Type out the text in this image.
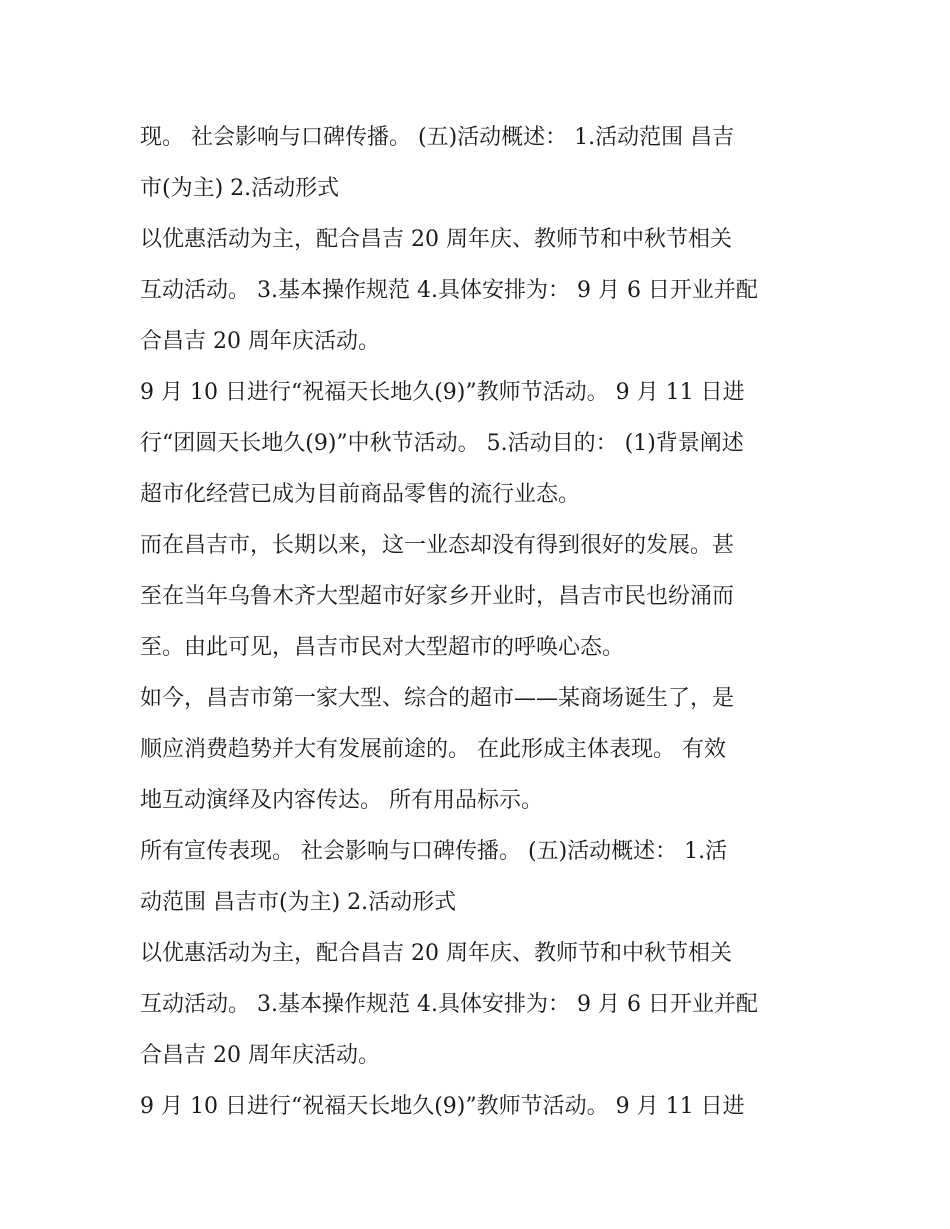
现。 社会影响与口碑传播。 (五)活动概述： 1.活动范围 昌吉
市(为主) 2.活动形式
以优惠活动为主，配合昌吉 20 周年庆、教师节和中秋节相关
互动活动。 3.基本操作规范 4.具体安排为： 9 月 6 日开业并配
合昌吉 20 周年庆活动。
9 月 10 日进行“祝福天长地久(9)”教师节活动。 9 月 11 日进
行“团圆天长地久(9)”中秋节活动。 5.活动目的： (1)背景阐述
超市化经营已成为目前商品零售的流行业态。
而在昌吉市，长期以来，这一业态却没有得到很好的发展。甚
至在当年乌鲁木齐大型超市好家乡开业时，昌吉市民也纷涌而
至。由此可见，昌吉市民对大型超市的呼唤心态。
如今，昌吉市第一家大型、综合的超市——某商场诞生了，是
顺应消费趋势并大有发展前途的。 在此形成主体表现。 有效
地互动演绎及内容传达。 所有用品标示。
所有宣传表现。 社会影响与口碑传播。 (五)活动概述： 1.活
动范围 昌吉市(为主) 2.活动形式
以优惠活动为主，配合昌吉 20 周年庆、教师节和中秋节相关
互动活动。 3.基本操作规范 4.具体安排为： 9 月 6 日开业并配
合昌吉 20 周年庆活动。
9 月 10 日进行“祝福天长地久(9)”教师节活动。 9 月 11 日进
